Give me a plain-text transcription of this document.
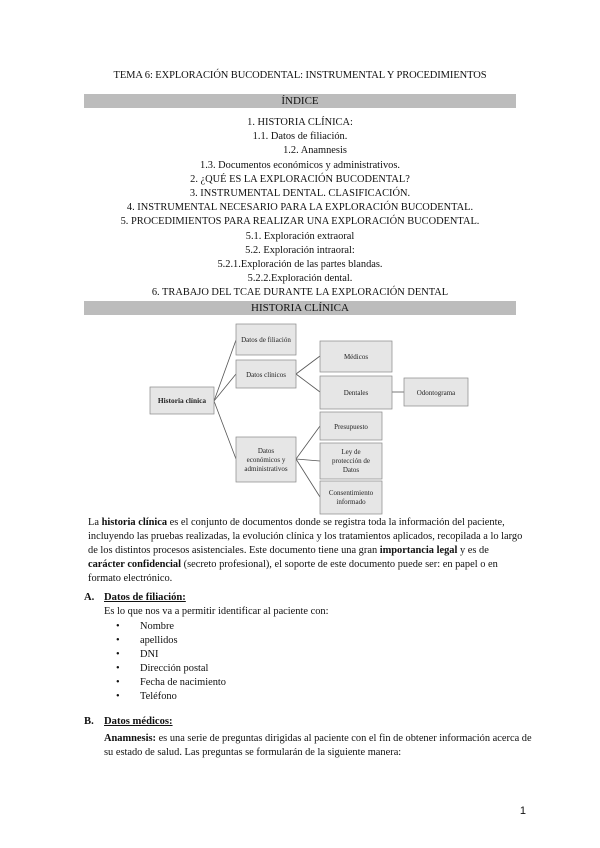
TEMA 6: EXPLORACIÓN BUCODENTAL: INSTRUMENTAL Y PROCEDIMIENTOS
ÍNDICE
1. HISTORIA CLÍNICA:
1.1. Datos de filiación.
1.2. Anamnesis
1.3. Documentos económicos y administrativos.
2. ¿QUÉ ES LA EXPLORACIÓN BUCODENTAL?
3. INSTRUMENTAL DENTAL. CLASIFICACIÓN.
4. INSTRUMENTAL NECESARIO PARA LA EXPLORACIÓN BUCODENTAL.
5. PROCEDIMIENTOS PARA REALIZAR UNA EXPLORACIÓN BUCODENTAL.
5.1. Exploración extraoral
5.2. Exploración intraoral:
5.2.1.Exploración de las partes blandas.
5.2.2.Exploración dental.
6. TRABAJO DEL TCAE DURANTE LA EXPLORACIÓN DENTAL
HISTORIA CLÍNICA
Historia clínica
Datos de filiación
Datos clínicos
Datos
económicos y
administrativos
Médicos
Dentales	Odontograma
Presupuesto
Ley de
protección de
Datos
Consentimiento
informado
La historia clínica es el conjunto de documentos donde se registra toda la información del paciente, incluyendo las pruebas realizadas, la evolución clínica y los tratamientos aplicados, recopilada a lo largo de los distintos procesos asistenciales. Este documento tiene una gran importancia legal y es de carácter confidencial (secreto profesional), el soporte de este documento puede ser: en papel o en formato electrónico.
A. Datos de filiación:
Es lo que nos va a permitir identificar al paciente con:
• Nombre
• apellidos
• DNI
• Dirección postal
• Fecha de nacimiento
• Teléfono
B. Datos médicos:
Anamnesis: es una serie de preguntas dirigidas al paciente con el fin de obtener información acerca de su estado de salud. Las preguntas se formularán de la siguiente manera:
1
